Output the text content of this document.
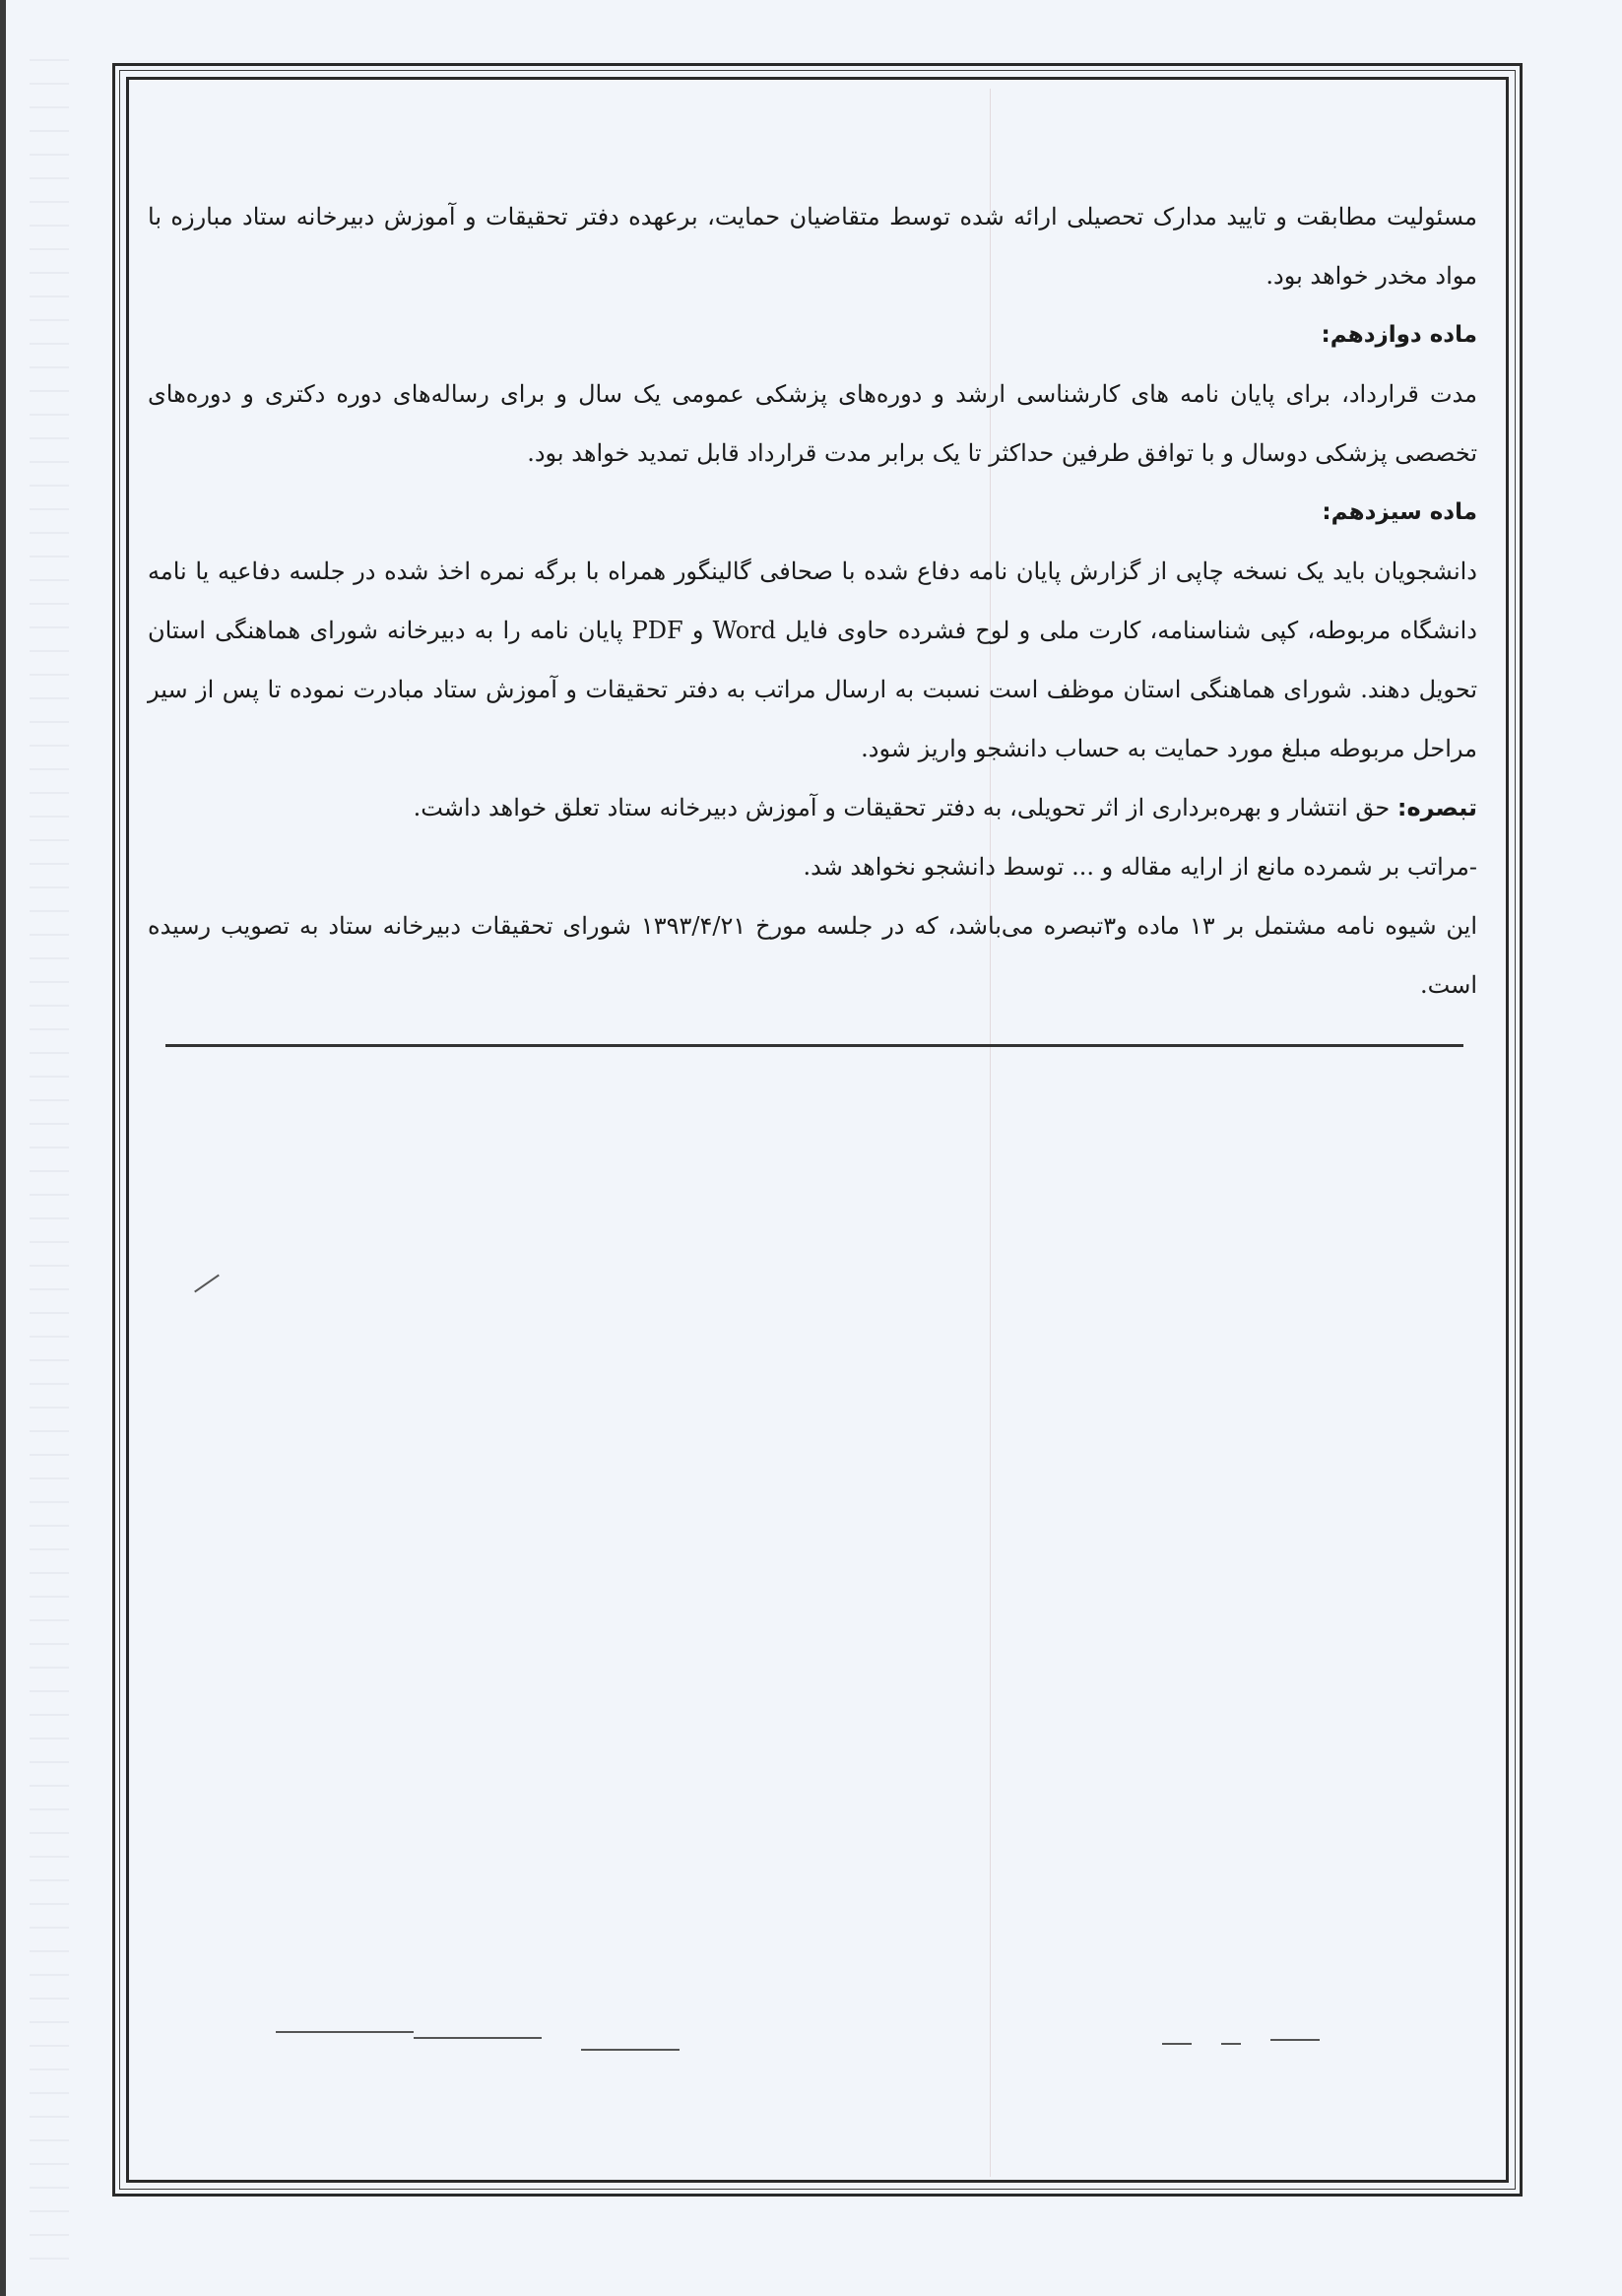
مسئولیت مطابقت و تایید مدارک تحصیلی ارائه شده توسط متقاضیان حمایت، برعهده دفتر تحقیقات و آموزش دبیرخانه ستاد مبارزه با مواد مخدر خواهد بود.

ماده دوازدهم:

مدت قرارداد، برای پایان نامه های کارشناسی ارشد و دوره‌های پزشکی عمومی یک سال و برای رساله‌های دوره دکتری و دوره‌های تخصصی پزشکی دوسال و با توافق طرفین حداکثر تا یک برابر مدت قرارداد قابل تمدید خواهد بود.

ماده سیزدهم:

دانشجویان باید یک نسخه چاپی از گزارش پایان نامه دفاع شده با صحافی گالینگور همراه با برگه نمره اخذ شده در جلسه دفاعیه یا نامه دانشگاه مربوطه، کپی شناسنامه، کارت ملی و لوح فشرده حاوی فایل Word و PDF پایان نامه را به دبیرخانه شورای هماهنگی استان تحویل دهند. شورای هماهنگی استان موظف است نسبت به ارسال مراتب به دفتر تحقیقات و آموزش ستاد مبادرت نموده تا پس از سیر مراحل مربوطه مبلغ مورد حمایت به حساب دانشجو واریز شود.

تبصره: حق انتشار و بهره‌برداری از اثر تحویلی، به دفتر تحقیقات و آموزش دبیرخانه ستاد تعلق خواهد داشت.

-مراتب بر شمرده مانع از ارایه مقاله و ... توسط دانشجو نخواهد شد.

این شیوه نامه مشتمل بر ۱۳ ماده و۳تبصره می‌باشد، که در جلسه مورخ ۱۳۹۳/۴/۲۱ شورای تحقیقات دبیرخانه ستاد به تصویب رسیده است.
